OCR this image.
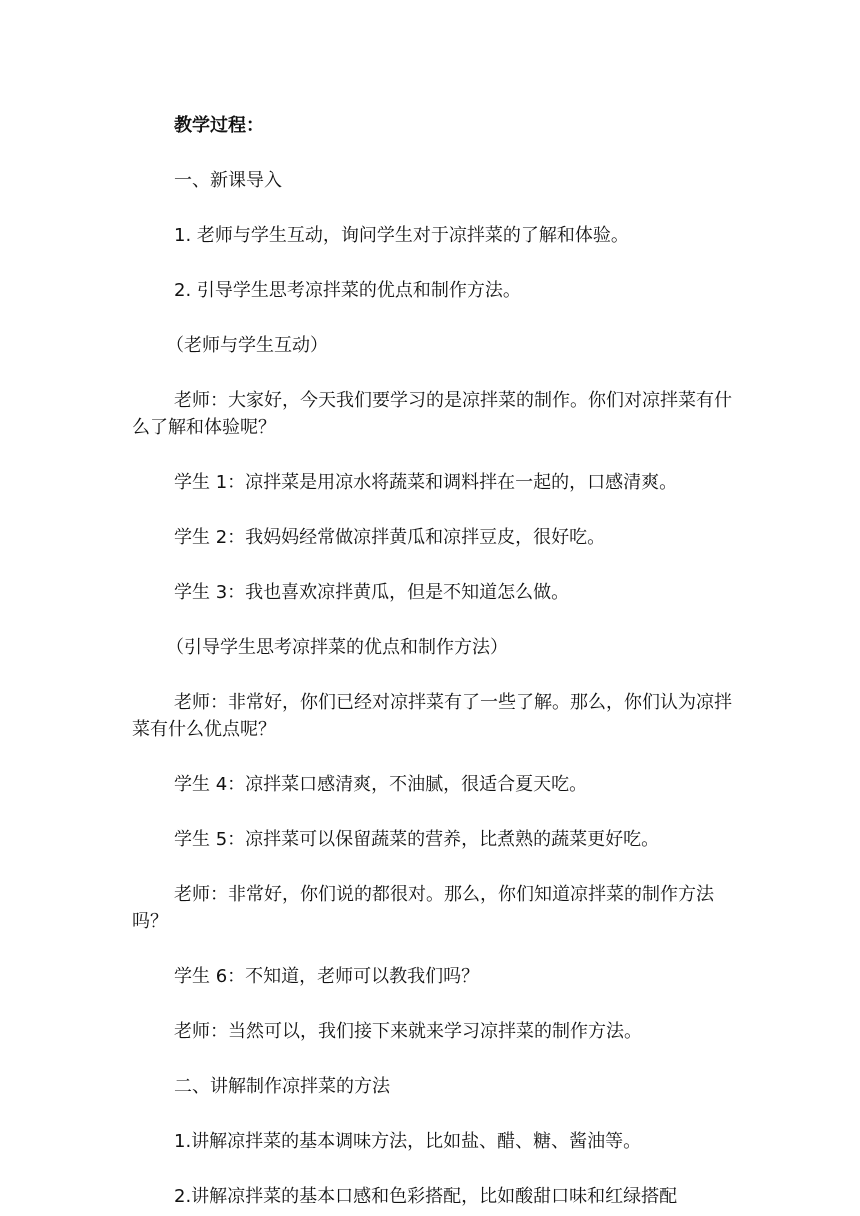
教学过程：

一、新课导入

1. 老师与学生互动，询问学生对于凉拌菜的了解和体验。

2. 引导学生思考凉拌菜的优点和制作方法。

（老师与学生互动）

老师：大家好，今天我们要学习的是凉拌菜的制作。你们对凉拌菜有什么了解和体验呢？

学生 1：凉拌菜是用凉水将蔬菜和调料拌在一起的，口感清爽。

学生 2：我妈妈经常做凉拌黄瓜和凉拌豆皮，很好吃。

学生 3：我也喜欢凉拌黄瓜，但是不知道怎么做。

（引导学生思考凉拌菜的优点和制作方法）

老师：非常好，你们已经对凉拌菜有了一些了解。那么，你们认为凉拌菜有什么优点呢？

学生 4：凉拌菜口感清爽，不油腻，很适合夏天吃。

学生 5：凉拌菜可以保留蔬菜的营养，比煮熟的蔬菜更好吃。

老师：非常好，你们说的都很对。那么，你们知道凉拌菜的制作方法吗？

学生 6：不知道，老师可以教我们吗？

老师：当然可以，我们接下来就来学习凉拌菜的制作方法。

二、讲解制作凉拌菜的方法

1.讲解凉拌菜的基本调味方法，比如盐、醋、糖、酱油等。

2.讲解凉拌菜的基本口感和色彩搭配，比如酸甜口味和红绿搭配
